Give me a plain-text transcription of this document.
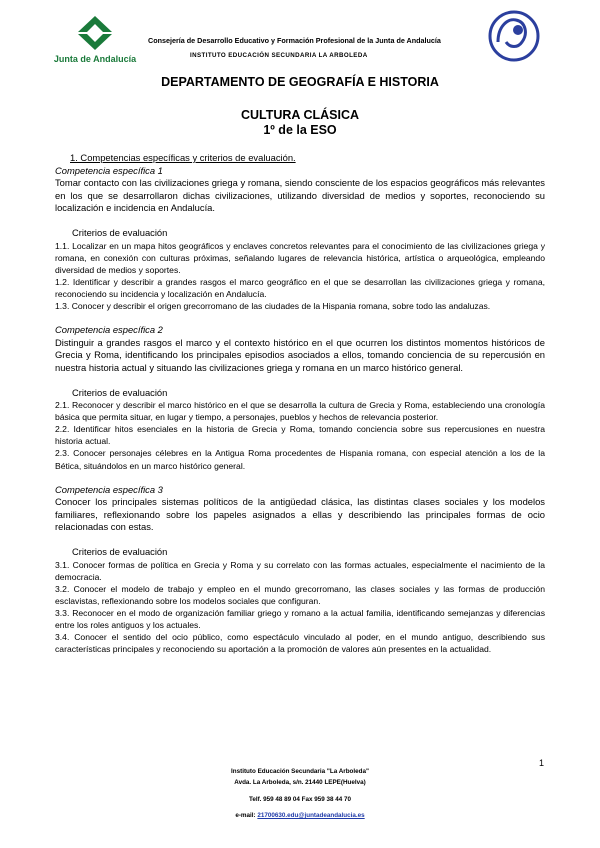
Junta de Andalucía
Consejería de Desarrollo Educativo y Formación Profesional de la Junta de Andalucía
INSTITUTO EDUCACIÓN SECUNDARIA LA ARBOLEDA
DEPARTAMENTO DE GEOGRAFÍA E HISTORIA
CULTURA CLÁSICA
1º de la ESO
1. Competencias específicas y criterios de evaluación.
Competencia específica 1
Tomar contacto con las civilizaciones griega y romana, siendo consciente de los espacios geográficos más relevantes en los que se desarrollaron dichas civilizaciones, utilizando diversidad de medios y soportes, reconociendo su localización e incidencia en Andalucía.
Criterios de evaluación
1.1. Localizar en un mapa hitos geográficos y enclaves concretos relevantes para el conocimiento de las civilizaciones griega y romana, en conexión con culturas próximas, señalando lugares de relevancia histórica, artística o arqueológica, empleando diversidad de medios y soportes.
1.2. Identificar y describir a grandes rasgos el marco geográfico en el que se desarrollan las civilizaciones griega y romana, reconociendo su incidencia y localización en Andalucía.
1.3. Conocer y describir el origen grecorromano de las ciudades de la Hispania romana, sobre todo las andaluzas.
Competencia específica 2
Distinguir a grandes rasgos el marco y el contexto histórico en el que ocurren los distintos momentos históricos de Grecia y Roma, identificando los principales episodios asociados a ellos, tomando conciencia de su repercusión en nuestra historia actual y situando las civilizaciones griega y romana en un marco histórico general.
Criterios de evaluación
2.1. Reconocer y describir el marco histórico en el que se desarrolla la cultura de Grecia y Roma, estableciendo una cronología básica que permita situar, en lugar y tiempo, a personajes, pueblos y hechos de relevancia posterior.
2.2. Identificar hitos esenciales en la historia de Grecia y Roma, tomando conciencia sobre sus repercusiones en nuestra historia actual.
2.3. Conocer personajes célebres en la Antigua Roma procedentes de Hispania romana, con especial atención a los de la Bética, situándolos en un marco histórico general.
Competencia específica 3
Conocer los principales sistemas políticos de la antigüedad clásica, las distintas clases sociales y los modelos familiares, reflexionando sobre los papeles asignados a ellas y describiendo las principales formas de ocio relacionadas con estas.
Criterios de evaluación
3.1. Conocer formas de política en Grecia y Roma y su correlato con las formas actuales, especialmente el nacimiento de la democracia.
3.2. Conocer el modelo de trabajo y empleo en el mundo grecorromano, las clases sociales y las formas de producción esclavistas, reflexionando sobre los modelos sociales que configuran.
3.3. Reconocer en el modo de organización familiar griego y romano a la actual familia, identificando semejanzas y diferencias entre los roles antiguos y los actuales.
3.4. Conocer el sentido del ocio público, como espectáculo vinculado al poder, en el mundo antiguo, describiendo sus características principales y reconociendo su aportación a la promoción de valores aún presentes en la actualidad.
1
Instituto Educación Secundaria "La Arboleda"
Avda. La Arboleda, s/n. 21440 LEPE(Huelva)
Telf. 959 48 89 04 Fax 959 38 44 70
e-mail: 21700630.edu@juntadeandalucia.es
